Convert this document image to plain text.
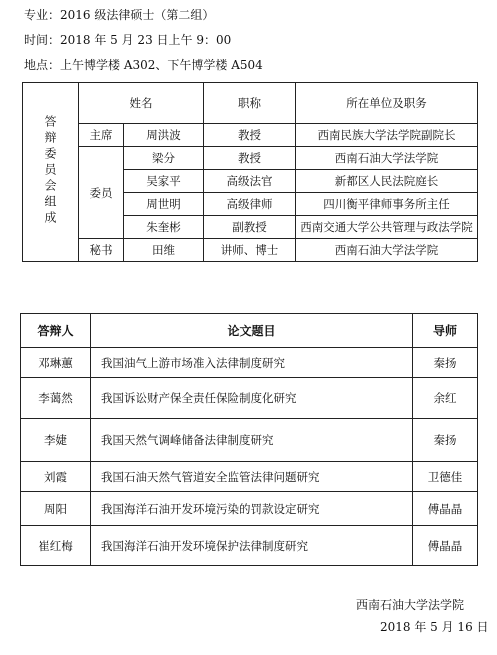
专业：2016 级法律硕士（第二组）
时间：2018 年 5 月 23 日上午 9：00
地点：上午博学楼 A302、下午博学楼 A504
答辩委员会组成	姓名		职称	所在单位及职务
	主席	周洪波	教授	西南民族大学法学院副院长
	委员	梁分	教授	西南石油大学法学院
		吴家平	高级法官	新都区人民法院庭长
		周世明	高级律师	四川衡平律师事务所主任
		朱奎彬	副教授	西南交通大学公共管理与政法学院
	秘书	田维	讲师、博士	西南石油大学法学院
答辩人	论文题目	导师
邓琳蕙	我国油气上游市场准入法律制度研究	秦扬
李蔼然	我国诉讼财产保全责任保险制度化研究	余红
李婕	我国天然气调峰储备法律制度研究	秦扬
刘霞	我国石油天然气管道安全监管法律问题研究	卫德佳
周阳	我国海洋石油开发环境污染的罚款设定研究	傅晶晶
崔红梅	我国海洋石油开发环境保护法律制度研究	傅晶晶
西南石油大学法学院
2018 年 5 月 16 日
